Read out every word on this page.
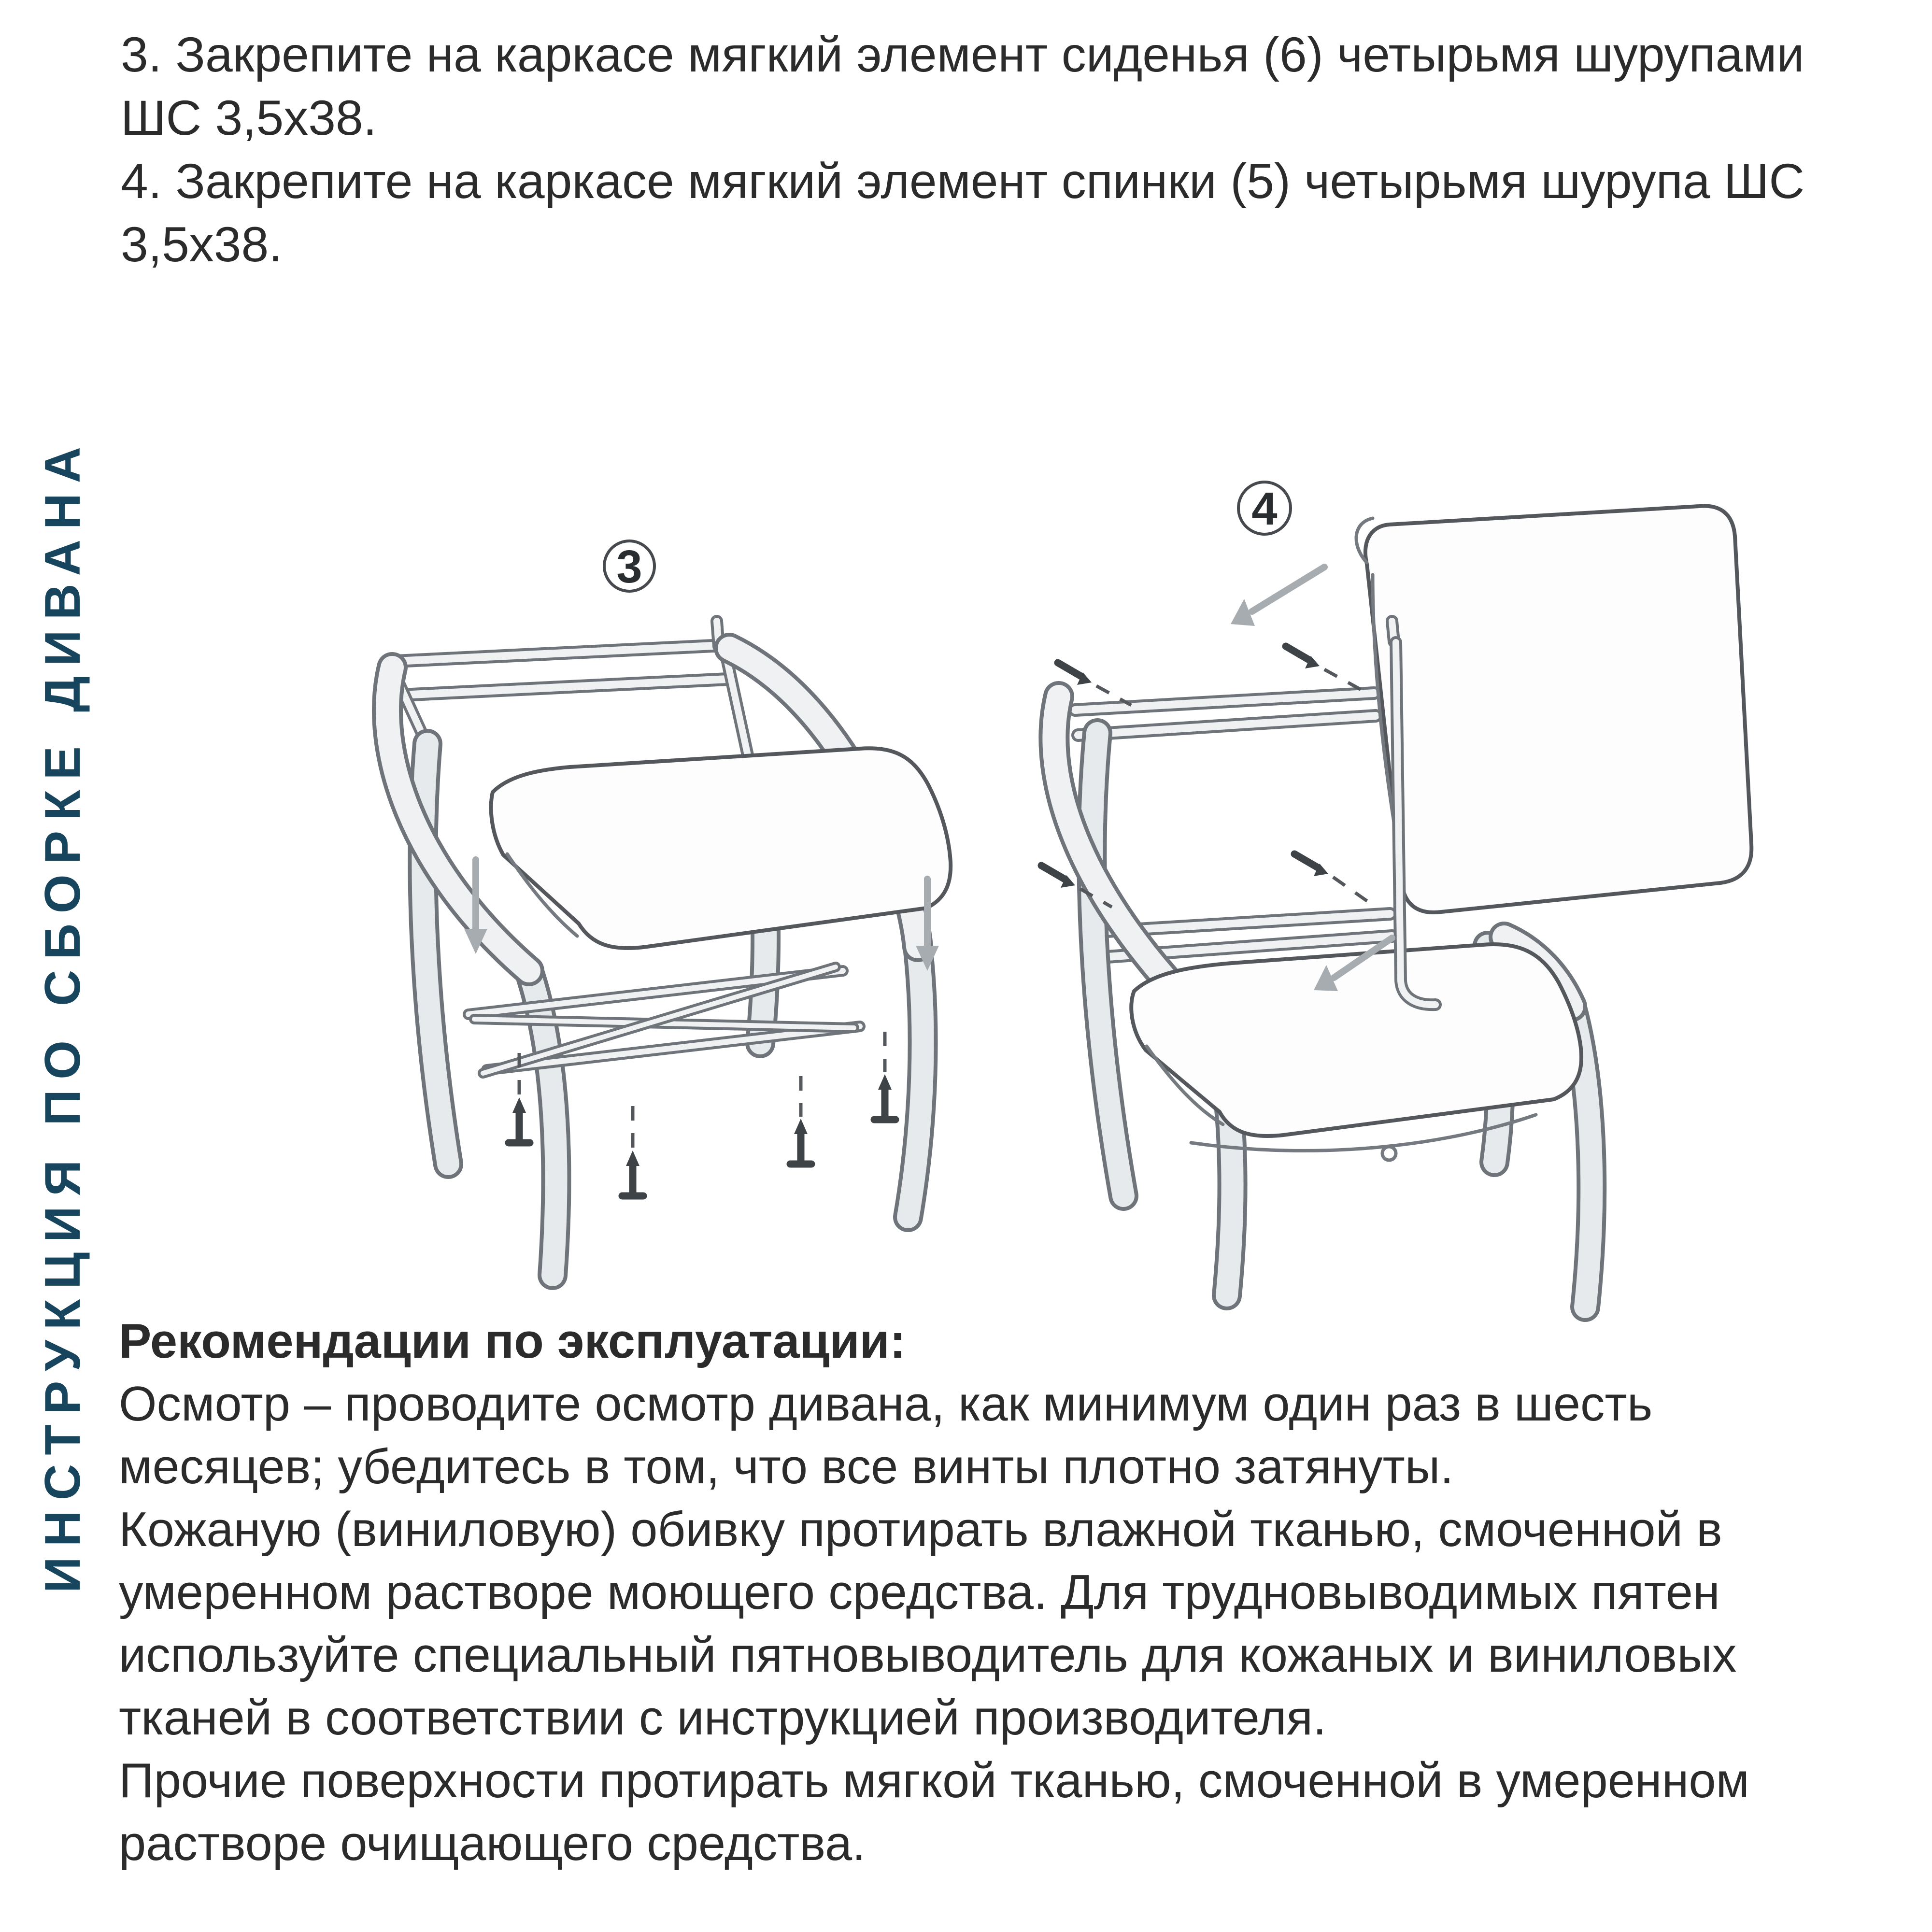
3. Закрепите на каркасе мягкий элемент сиденья (6) четырьмя шурупами
ШС 3,5х38.
4. Закрепите на каркасе мягкий элемент спинки (5) четырьмя шурупа ШС
3,5х38.
ИНСТРУКЦИЯ ПО СБОРКЕ ДИВАНА	3
4
Рекомендации по эксплуатации:
Осмотр – проводите осмотр дивана, как минимум один раз в шесть
месяцев; убедитесь в том, что все винты плотно затянуты.
Кожаную (виниловую) обивку протирать влажной тканью, смоченной в
умеренном растворе моющего средства. Для трудновыводимых пятен
используйте специальный пятновыводитель для кожаных и виниловых
тканей в соответствии с инструкцией производителя.
Прочие поверхности протирать мягкой тканью, смоченной в умеренном
растворе очищающего средства.
